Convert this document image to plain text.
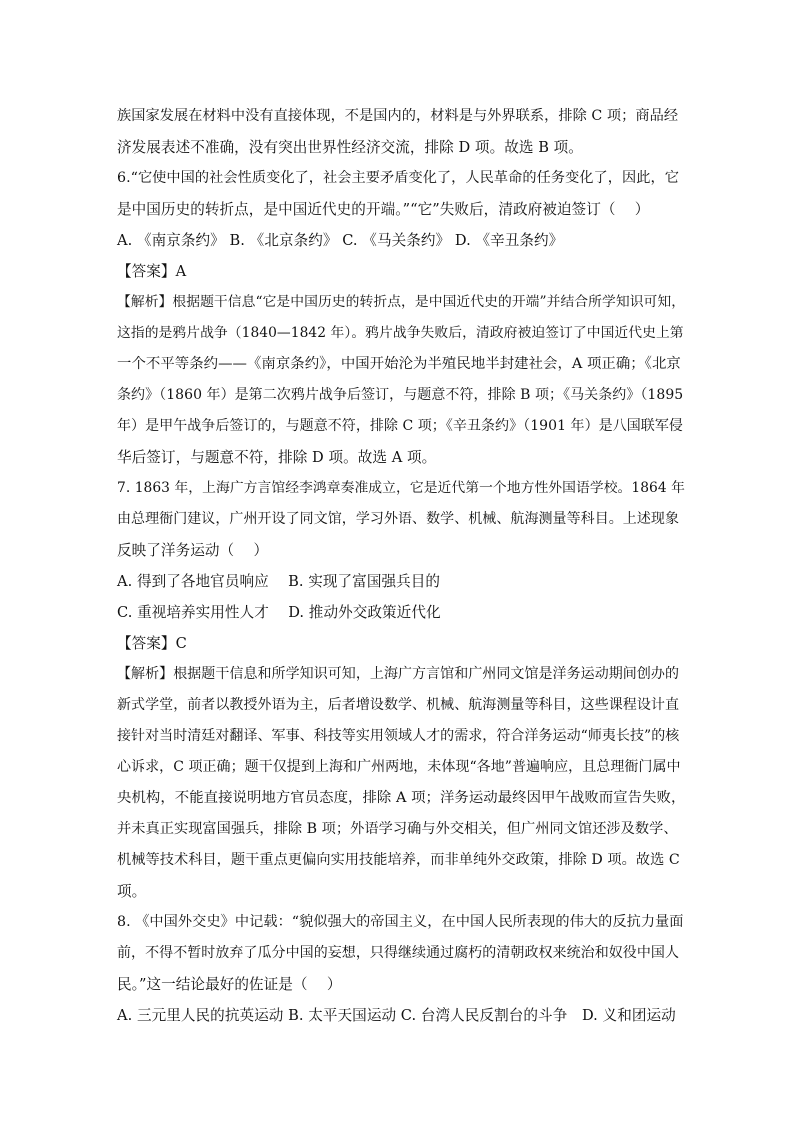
族国家发展在材料中没有直接体现，不是国内的，材料是与外界联系，排除 C 项；商品经
济发展表述不准确，没有突出世界性经济交流，排除 D 项。故选 B 项。
6.“它使中国的社会性质变化了，社会主要矛盾变化了，人民革命的任务变化了，因此，它
是中国历史的转折点，是中国近代史的开端。”“它”失败后，清政府被迫签订（　 ）
A. 《南京条约》 B. 《北京条约》 C. 《马关条约》 D. 《辛丑条约》
【答案】A
【解析】根据题干信息“它是中国历史的转折点，是中国近代史的开端”并结合所学知识可知，
这指的是鸦片战争（1840—1842 年）。鸦片战争失败后，清政府被迫签订了中国近代史上第
一个不平等条约——《南京条约》，中国开始沦为半殖民地半封建社会，A 项正确；《北京
条约》（1860 年）是第二次鸦片战争后签订，与题意不符，排除 B 项；《马关条约》（1895
年）是甲午战争后签订的，与题意不符，排除 C 项；《辛丑条约》（1901 年）是八国联军侵
华后签订，与题意不符，排除 D 项。故选 A 项。
7. 1863 年，上海广方言馆经李鸿章奏准成立，它是近代第一个地方性外国语学校。1864 年
由总理衙门建议，广州开设了同文馆，学习外语、数学、机械、航海测量等科目。上述现象
反映了洋务运动（　 ）
A. 得到了各地官员响应　 B. 实现了富国强兵目的
C. 重视培养实用性人才　 D. 推动外交政策近代化
【答案】C
【解析】根据题干信息和所学知识可知，上海广方言馆和广州同文馆是洋务运动期间创办的
新式学堂，前者以教授外语为主，后者增设数学、机械、航海测量等科目，这些课程设计直
接针对当时清廷对翻译、军事、科技等实用领域人才的需求，符合洋务运动“师夷长技”的核
心诉求，C 项正确；题干仅提到上海和广州两地，未体现“各地”普遍响应，且总理衙门属中
央机构，不能直接说明地方官员态度，排除 A 项；洋务运动最终因甲午战败而宣告失败，
并未真正实现富国强兵，排除 B 项；外语学习确与外交相关，但广州同文馆还涉及数学、
机械等技术科目，题干重点更偏向实用技能培养，而非单纯外交政策，排除 D 项。故选 C
项。
8. 《中国外交史》中记载：“貌似强大的帝国主义，在中国人民所表现的伟大的反抗力量面
前，不得不暂时放弃了瓜分中国的妄想，只得继续通过腐朽的清朝政权来统治和奴役中国人
民。”这一结论最好的佐证是（　 ）
A. 三元里人民的抗英运动 B. 太平天国运动 C. 台湾人民反割台的斗争　D. 义和团运动
